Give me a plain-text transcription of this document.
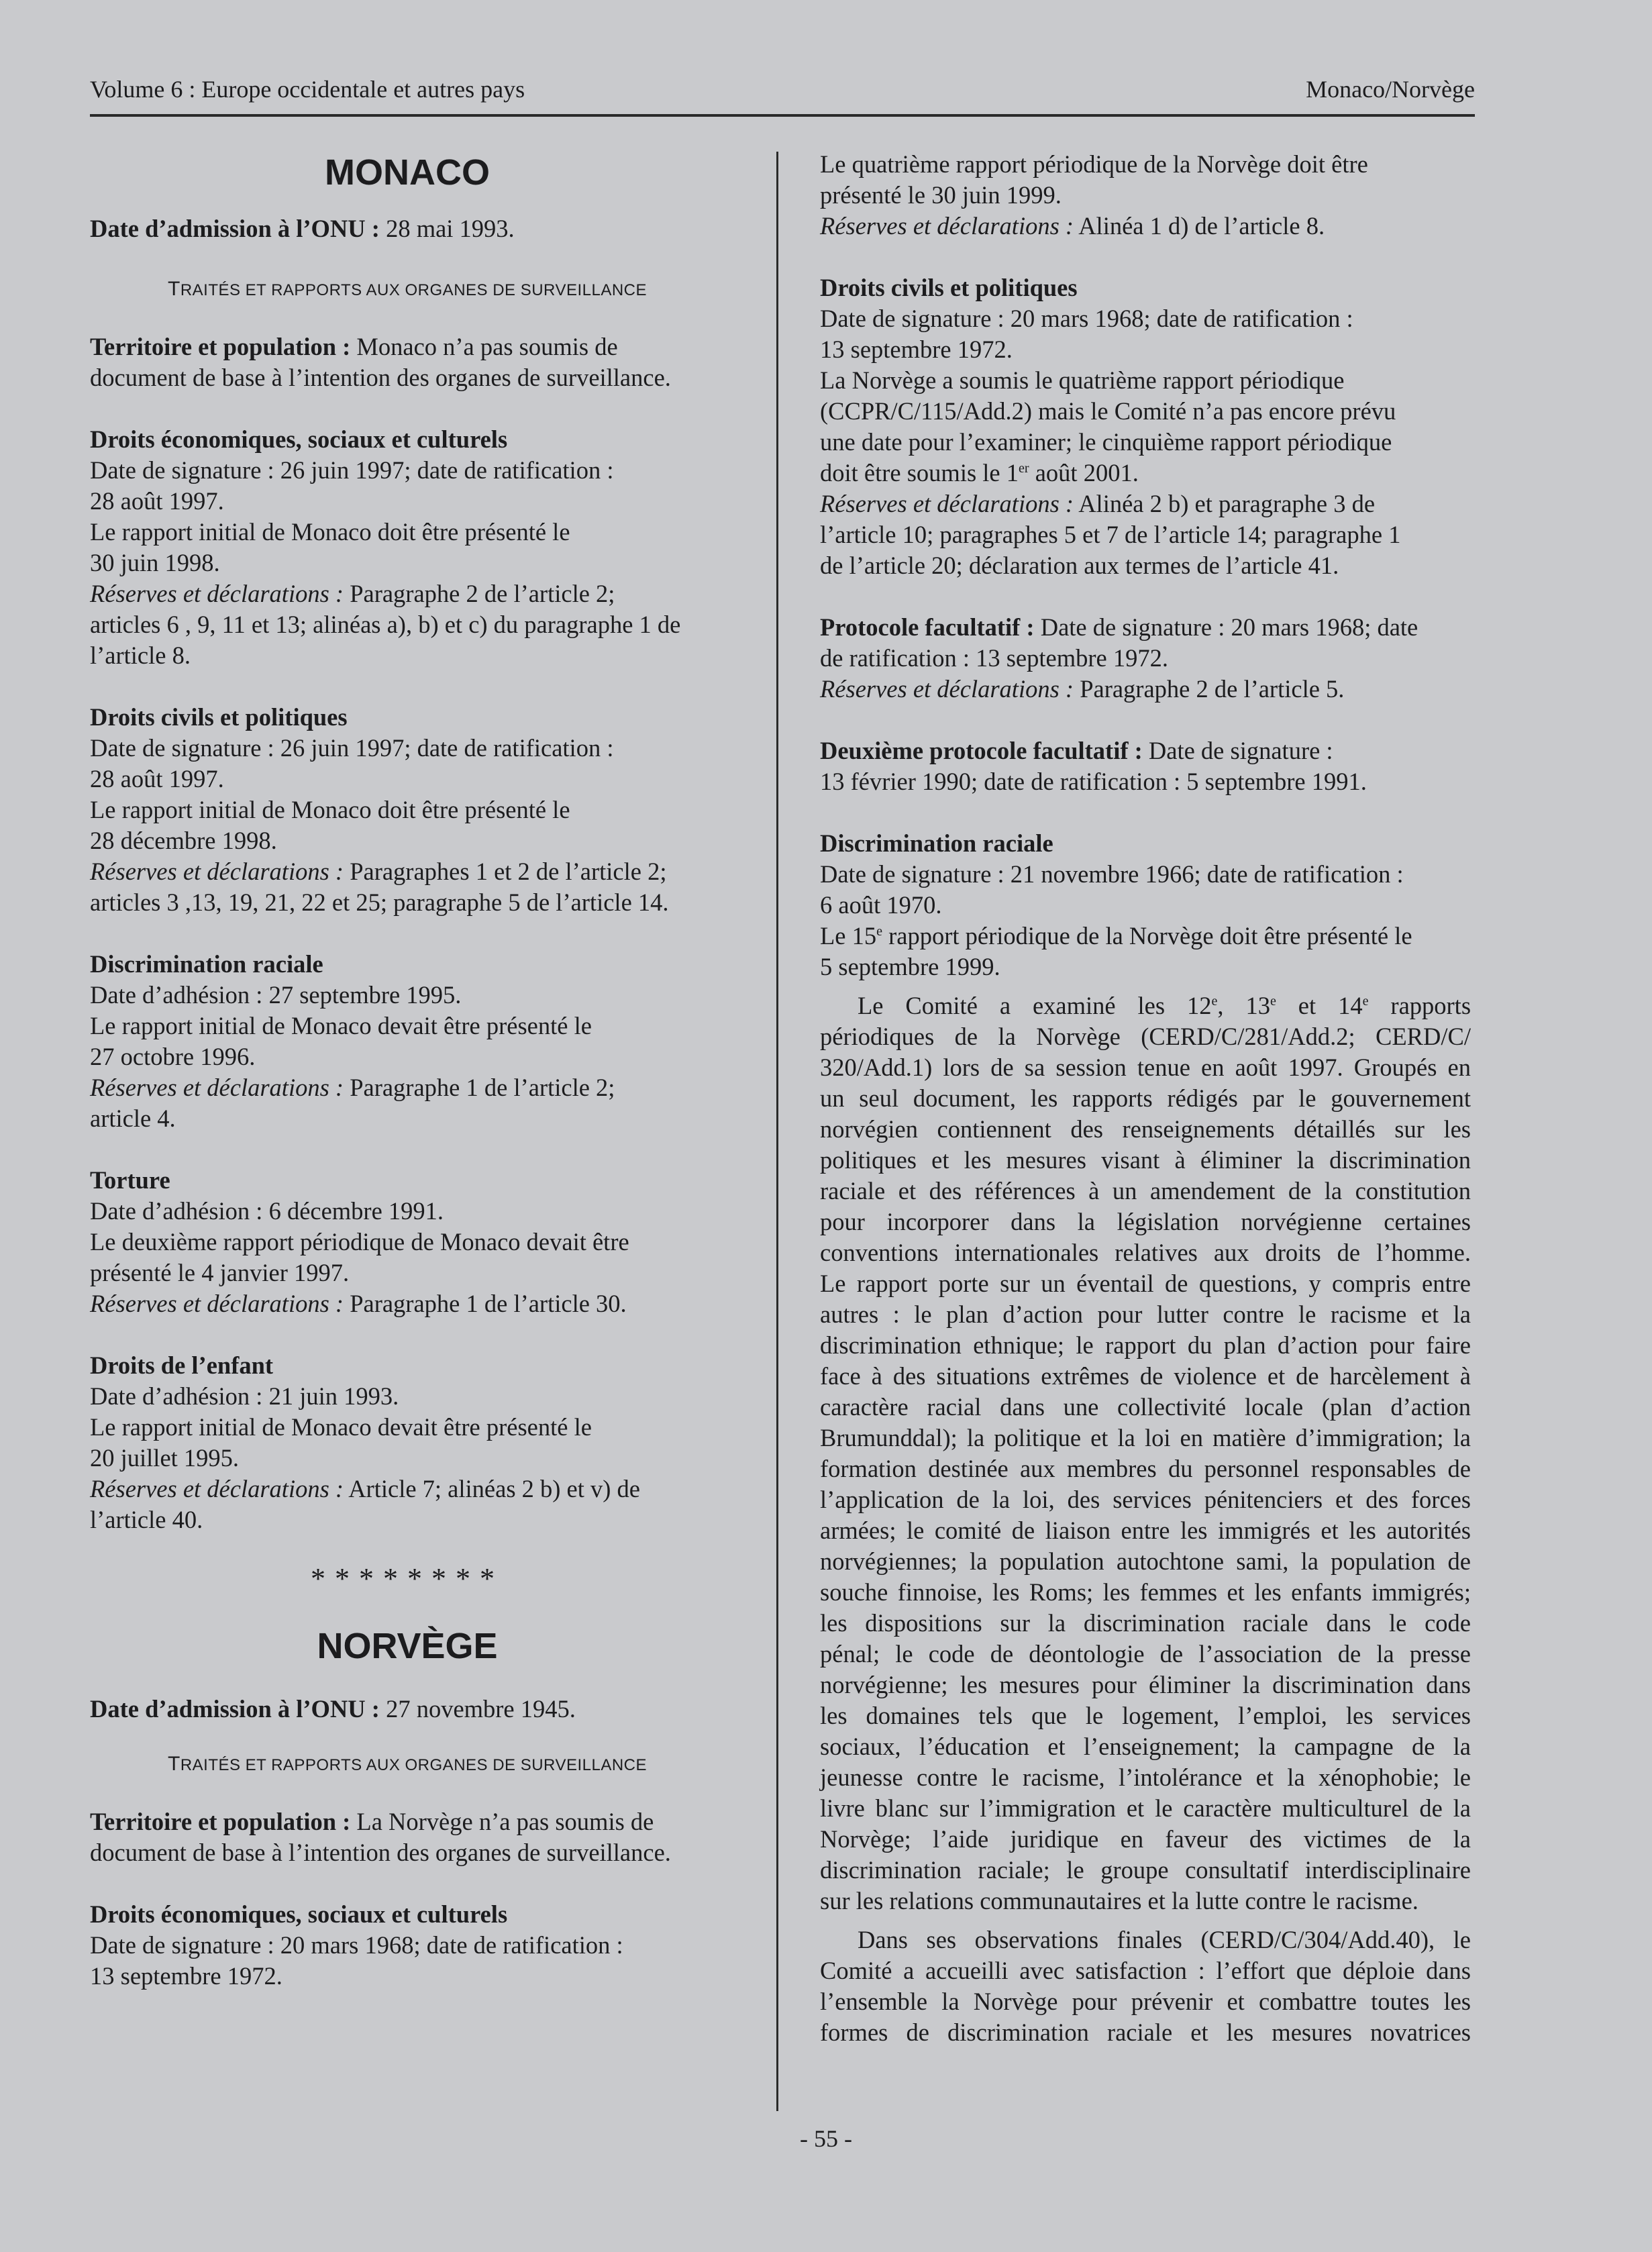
Volume 6 : Europe occidentale et autres pays	Monaco/Norvège
MONACO
Date d’admission à l’ONU : 28 mai 1993.
TRAITÉS ET RAPPORTS AUX ORGANES DE SURVEILLANCE
Territoire et population : Monaco n’a pas soumis de
document de base à l’intention des organes de surveillance.
Droits économiques, sociaux et culturels
Date de signature : 26 juin 1997; date de ratification :
28 août 1997.
Le rapport initial de Monaco doit être présenté le
30 juin 1998.
Réserves et déclarations : Paragraphe 2 de l’article 2;
articles 6 , 9, 11 et 13; alinéas a), b) et c) du paragraphe 1 de
l’article 8.
Droits civils et politiques
Date de signature : 26 juin 1997; date de ratification :
28 août 1997.
Le rapport initial de Monaco doit être présenté le
28 décembre 1998.
Réserves et déclarations : Paragraphes 1 et 2 de l’article 2;
articles 3 ,13, 19, 21, 22 et 25; paragraphe 5 de l’article 14.
Discrimination raciale
Date d’adhésion : 27 septembre 1995.
Le rapport initial de Monaco devait être présenté le
27 octobre 1996.
Réserves et déclarations : Paragraphe 1 de l’article 2;
article 4.
Torture
Date d’adhésion : 6 décembre 1991.
Le deuxième rapport périodique de Monaco devait être
présenté le 4 janvier 1997.
Réserves et déclarations : Paragraphe 1 de l’article 30.
Droits de l’enfant
Date d’adhésion : 21 juin 1993.
Le rapport initial de Monaco devait être présenté le
20 juillet 1995.
Réserves et déclarations : Article 7; alinéas 2 b) et v) de
l’article 40.
********
NORVÈGE
Date d’admission à l’ONU : 27 novembre 1945.
TRAITÉS ET RAPPORTS AUX ORGANES DE SURVEILLANCE
Territoire et population : La Norvège n’a pas soumis de
document de base à l’intention des organes de surveillance.
Droits économiques, sociaux et culturels
Date de signature : 20 mars 1968; date de ratification :
13 septembre 1972.
Le quatrième rapport périodique de la Norvège doit être
présenté le 30 juin 1999.
Réserves et déclarations : Alinéa 1 d) de l’article 8.
Droits civils et politiques
Date de signature : 20 mars 1968; date de ratification :
13 septembre 1972.
La Norvège a soumis le quatrième rapport périodique
(CCPR/C/115/Add.2) mais le Comité n’a pas encore prévu
une date pour l’examiner; le cinquième rapport périodique
doit être soumis le 1er août 2001.
Réserves et déclarations : Alinéa 2 b) et paragraphe 3 de
l’article 10; paragraphes 5 et 7 de l’article 14; paragraphe 1
de l’article 20; déclaration aux termes de l’article 41.
Protocole facultatif : Date de signature : 20 mars 1968; date
de ratification : 13 septembre 1972.
Réserves et déclarations : Paragraphe 2 de l’article 5.
Deuxième protocole facultatif : Date de signature :
13 février 1990; date de ratification : 5 septembre 1991.
Discrimination raciale
Date de signature : 21 novembre 1966; date de ratification :
6 août 1970.
Le 15e rapport périodique de la Norvège doit être présenté le
5 septembre 1999.
Le Comité a examiné les 12e, 13e et 14e rapports
périodiques de la Norvège (CERD/C/281/Add.2; CERD/C/
320/Add.1) lors de sa session tenue en août 1997. Groupés en
un seul document, les rapports rédigés par le gouvernement
norvégien contiennent des renseignements détaillés sur les
politiques et les mesures visant à éliminer la discrimination
raciale et des références à un amendement de la constitution
pour incorporer dans la législation norvégienne certaines
conventions internationales relatives aux droits de l’homme.
Le rapport porte sur un éventail de questions, y compris entre
autres : le plan d’action pour lutter contre le racisme et la
discrimination ethnique; le rapport du plan d’action pour faire
face à des situations extrêmes de violence et de harcèlement à
caractère racial dans une collectivité locale (plan d’action
Brumunddal); la politique et la loi en matière d’immigration; la
formation destinée aux membres du personnel responsables de
l’application de la loi, des services pénitenciers et des forces
armées; le comité de liaison entre les immigrés et les autorités
norvégiennes; la population autochtone sami, la population de
souche finnoise, les Roms; les femmes et les enfants immigrés;
les dispositions sur la discrimination raciale dans le code
pénal; le code de déontologie de l’association de la presse
norvégienne; les mesures pour éliminer la discrimination dans
les domaines tels que le logement, l’emploi, les services
sociaux, l’éducation et l’enseignement; la campagne de la
jeunesse contre le racisme, l’intolérance et la xénophobie; le
livre blanc sur l’immigration et le caractère multiculturel de la
Norvège; l’aide juridique en faveur des victimes de la
discrimination raciale; le groupe consultatif interdisciplinaire
sur les relations communautaires et la lutte contre le racisme.
Dans ses observations finales (CERD/C/304/Add.40), le
Comité a accueilli avec satisfaction : l’effort que déploie dans
l’ensemble la Norvège pour prévenir et combattre toutes les
formes de discrimination raciale et les mesures novatrices
- 55 -
